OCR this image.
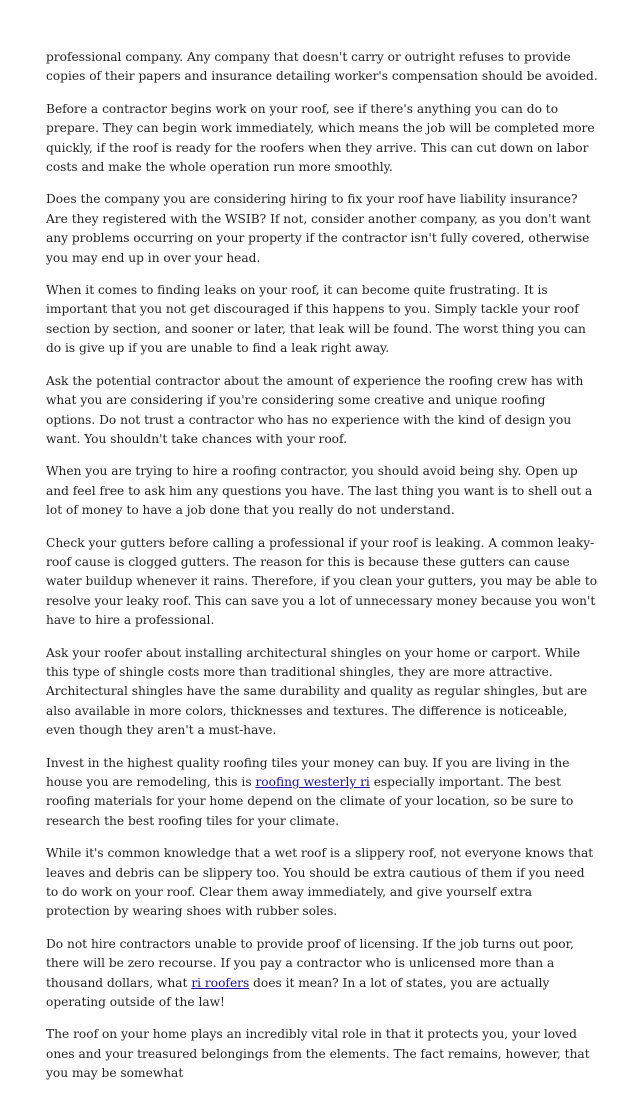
professional company. Any company that doesn't carry or outright refuses to provide copies of their papers and insurance detailing worker's compensation should be avoided.

Before a contractor begins work on your roof, see if there's anything you can do to prepare. They can begin work immediately, which means the job will be completed more quickly, if the roof is ready for the roofers when they arrive. This can cut down on labor costs and make the whole operation run more smoothly.

Does the company you are considering hiring to fix your roof have liability insurance? Are they registered with the WSIB? If not, consider another company, as you don't want any problems occurring on your property if the contractor isn't fully covered, otherwise you may end up in over your head.

When it comes to finding leaks on your roof, it can become quite frustrating. It is important that you not get discouraged if this happens to you. Simply tackle your roof section by section, and sooner or later, that leak will be found. The worst thing you can do is give up if you are unable to find a leak right away.

Ask the potential contractor about the amount of experience the roofing crew has with what you are considering if you're considering some creative and unique roofing options. Do not trust a contractor who has no experience with the kind of design you want. You shouldn't take chances with your roof.

When you are trying to hire a roofing contractor, you should avoid being shy. Open up and feel free to ask him any questions you have. The last thing you want is to shell out a lot of money to have a job done that you really do not understand.

Check your gutters before calling a professional if your roof is leaking. A common leaky-roof cause is clogged gutters. The reason for this is because these gutters can cause water buildup whenever it rains. Therefore, if you clean your gutters, you may be able to resolve your leaky roof. This can save you a lot of unnecessary money because you won't have to hire a professional.

Ask your roofer about installing architectural shingles on your home or carport. While this type of shingle costs more than traditional shingles, they are more attractive. Architectural shingles have the same durability and quality as regular shingles, but are also available in more colors, thicknesses and textures. The difference is noticeable, even though they aren't a must-have.

Invest in the highest quality roofing tiles your money can buy. If you are living in the house you are remodeling, this is roofing westerly ri especially important. The best roofing materials for your home depend on the climate of your location, so be sure to research the best roofing tiles for your climate.

While it's common knowledge that a wet roof is a slippery roof, not everyone knows that leaves and debris can be slippery too. You should be extra cautious of them if you need to do work on your roof. Clear them away immediately, and give yourself extra protection by wearing shoes with rubber soles.

Do not hire contractors unable to provide proof of licensing. If the job turns out poor, there will be zero recourse. If you pay a contractor who is unlicensed more than a thousand dollars, what ri roofers does it mean? In a lot of states, you are actually operating outside of the law!

The roof on your home plays an incredibly vital role in that it protects you, your loved ones and your treasured belongings from the elements. The fact remains, however, that you may be somewhat
